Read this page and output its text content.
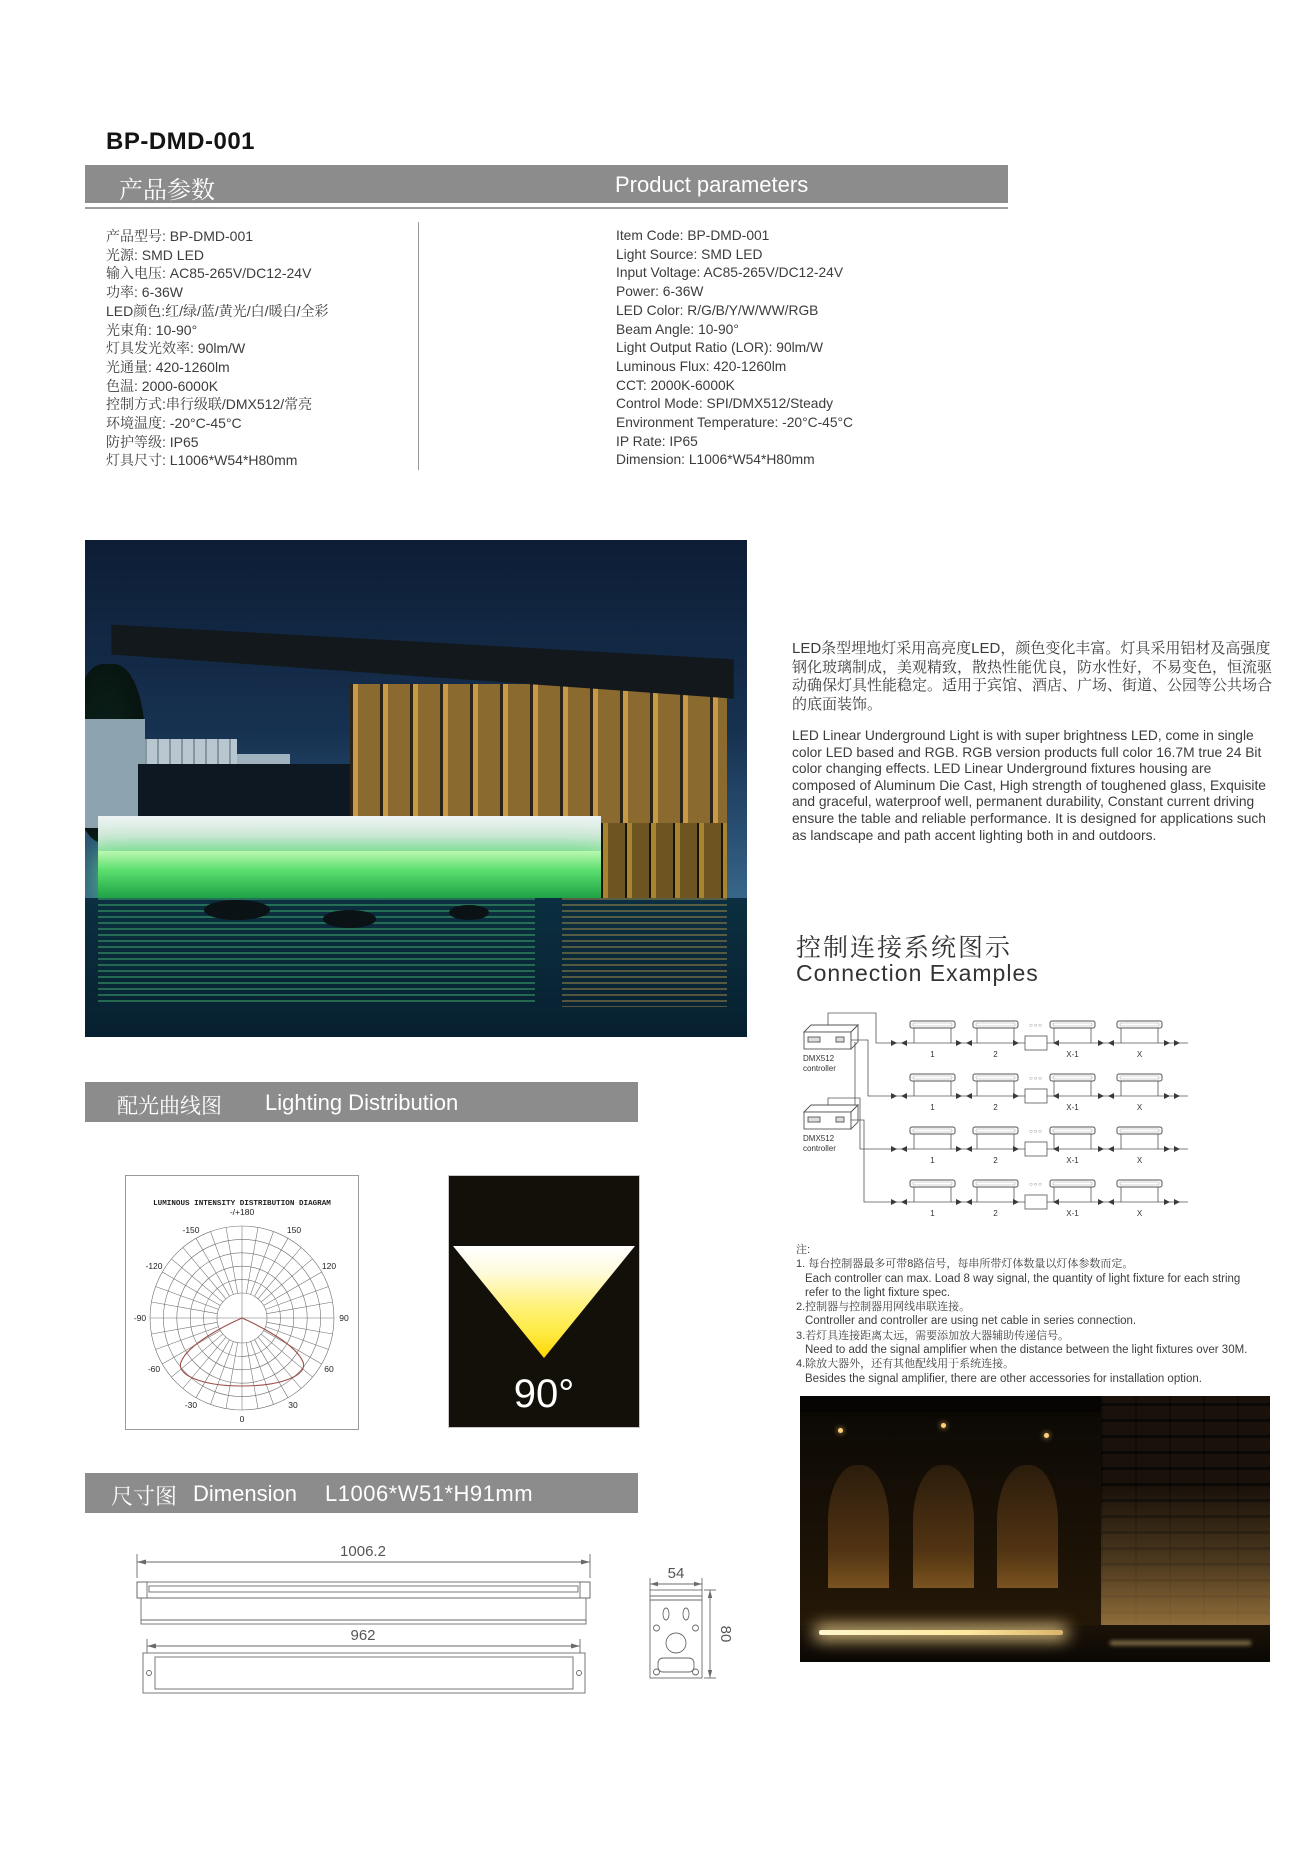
BP-DMD-001
产品参数	Product parameters
产品型号: BP-DMD-001
光源: SMD LED
输入电压: AC85-265V/DC12-24V
功率: 6-36W
LED颜色:红/绿/蓝/黄光/白/暖白/全彩
光束角: 10-90°
灯具发光效率: 90lm/W
光通量: 420-1260lm
色温: 2000-6000K
控制方式:串行级联/DMX512/常亮
环境温度: -20°C-45°C
防护等级: IP65
灯具尺寸: L1006*W54*H80mm
Item Code: BP-DMD-001
Light Source: SMD LED
Input Voltage: AC85-265V/DC12-24V
Power: 6-36W
LED Color: R/G/B/Y/W/WW/RGB
Beam Angle: 10-90°
Light Output Ratio (LOR): 90lm/W
Luminous Flux: 420-1260lm
CCT: 2000K-6000K
Control Mode: SPI/DMX512/Steady
Environment Temperature: -20°C-45°C
IP Rate: IP65
Dimension: L1006*W54*H80mm
LED条型埋地灯采用高亮度LED，颜色变化丰富。灯具采用铝材及高强度钢化玻璃制成，美观精致，散热性能优良，防水性好，不易变色，恒流驱动确保灯具性能稳定。适用于宾馆、酒店、广场、街道、公园等公共场合的底面装饰。
LED Linear Underground Light is with super brightness LED, come in single color LED based and RGB. RGB version products full color 16.7M true 24 Bit color changing effects. LED Linear Underground fixtures housing are composed of Aluminum Die Cast, High strength of toughened glass, Exquisite and graceful, waterproof well, permanent durability, Constant current driving ensure the table and reliable performance. It is designed for applications such as landscape and path accent lighting both in and outdoors.
控制连接系统图示
Connection Examples
DMX512
controller
DMX512
controller
○○○
1	2	X-1	X
○○○
1	2	X-1	X
○○○
1	2	X-1	X
○○○
1	2	X-1	X
注:
1. 每台控制器最多可带8路信号，每串所带灯体数量以灯体参数而定。
Each controller can max. Load 8 way signal, the quantity of light fixture for each string
refer to the light fixture spec.
2.控制器与控制器用网线串联连接。
Controller and controller are using net cable in series connection.
3.若灯具连接距离太远，需要添加放大器辅助传递信号。
Need to add the signal amplifier when the distance between the light fixtures over 30M.
4.除放大器外，还有其他配线用于系统连接。
Besides the signal amplifier, there are other accessories for installation option.
配光曲线图 Lighting Distribution
LUMINOUS INTENSITY DISTRIBUTION DIAGRAM
-/+180
150
120
90
60
30
0
-30
-60
-90
-120
-150
90°
尺寸图 Dimension L1006*W51*H91mm
1006.2
962
54
80
